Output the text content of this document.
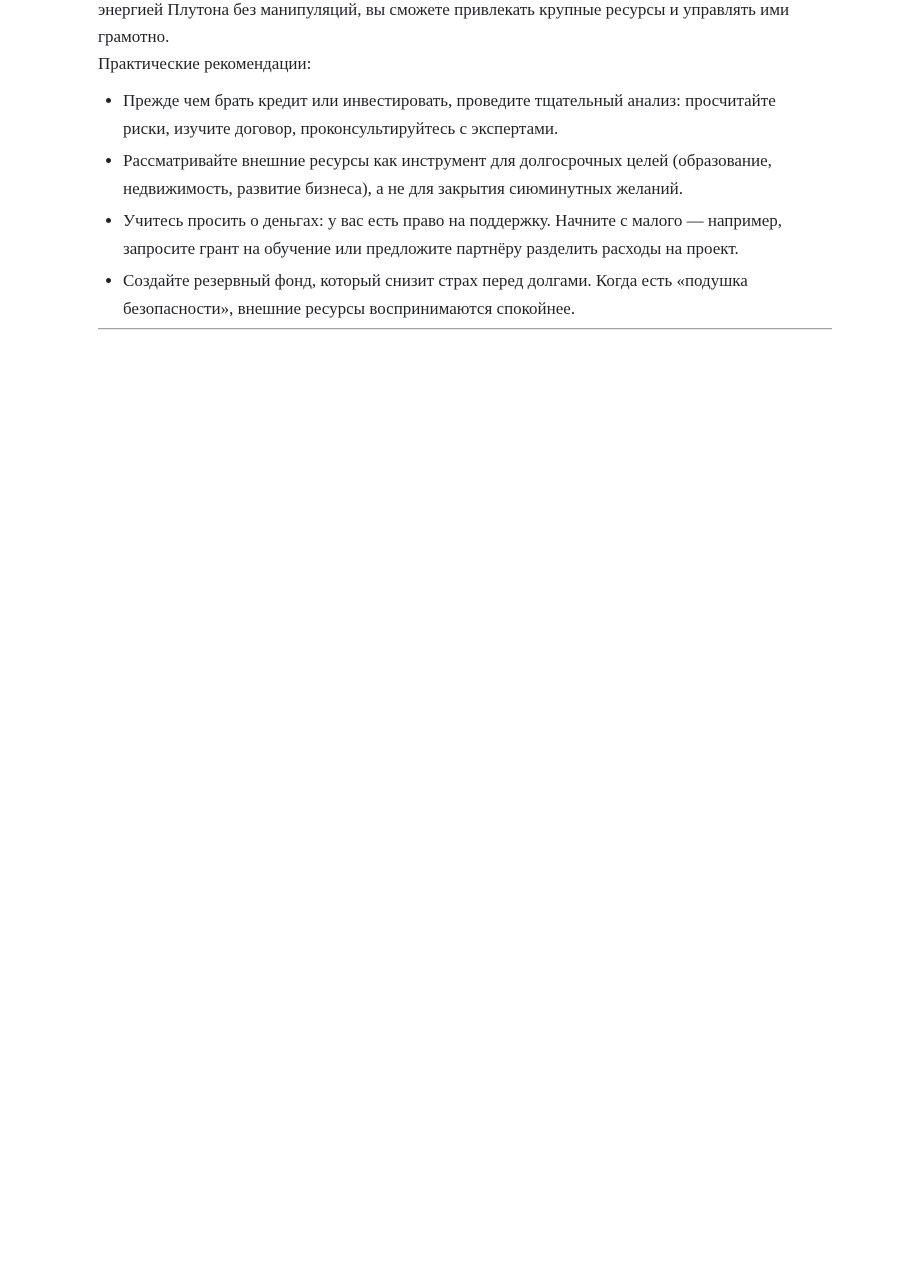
энергией Плутона без манипуляций, вы сможете привлекать крупные ресурсы и управлять ими грамотно.

Практические рекомендации:

• Прежде чем брать кредит или инвестировать, проведите тщательный анализ: просчитайте риски, изучите договор, проконсультируйтесь с экспертами.
• Рассматривайте внешние ресурсы как инструмент для долгосрочных целей (образование, недвижимость, развитие бизнеса), а не для закрытия сиюминутных желаний.
• Учитесь просить о деньгах: у вас есть право на поддержку. Начните с малого — например, запросите грант на обучение или предложите партнёру разделить расходы на проект.
• Создайте резервный фонд, который снизит страх перед долгами. Когда есть «подушка безопасности», внешние ресурсы воспринимаются спокойнее.
